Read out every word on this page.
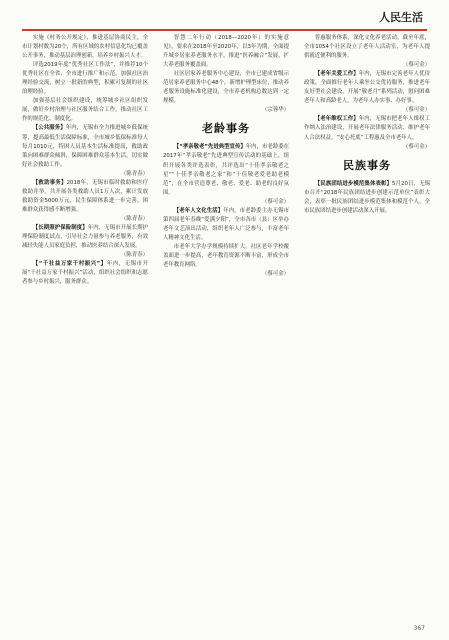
人民生活

实施《村务公开规定》，推进基层协商民主，全市计划村数为20个，所有区域的农村信息化均已覆盖公开事务，推动基层治理创新，培养乡村振兴人才。

评选2019年度“优秀社区工作法”，并推荐10个优秀社区在全省、全市进行推广和示范，加强社区治理经验交流，树立一批新的典型，积累可复制的社区治理经验。

加强基层社会组织建设，统筹城乡社区组织发展，做好乡村治理与社区服务结合工作，推动社区工作的规范化、制度化。

【公共服务】年内，无锡市全力推进城乡低保统筹，提高最低生活保障标准，全市城乡低保标准每人每月1010元，特困人员基本生活标准提高，救助政策向困难群众倾斜，保障困难群众基本生活，切实做好社会救助工作。

（陈青春）

【救助事务】2018年，无锡市临时救助和医疗救助并举，共开展各类救助人员1万人次，累计发放救助资金5000万元，民生保障体系进一步完善，困难群众获得感不断增强。

（陈青春）

【长期照护保险制度】年内，无锡市开展长期护理保险制度试点，引导社会力量参与养老服务，有效减轻失能人员家庭负担，推动医养结合深入发展。

（陈青春）

【“千社益万家千村振兴”】年内，无锡市开展“千社益万家千村振兴”活动，组织社会组织和志愿者参与乡村振兴，服务群众。

智慧二年行动（2018—2020年）的实施意见》，要求在2018年至2020年，以3年为期，全面提升城乡居家养老服务水平，推进“医养融合”发展，扩大养老服务覆盖面。

社区居家养老服务中心建设，全市已建成省级示范居家养老服务中心48个，新增护理型床位，推动养老服务设施标准化建设，全市养老机构总数达到一定规模。

（宗蓉华）

老龄事务

【“孝亲敬老”先进典型宣传】年内，市老龄委在2017年“孝亲敬老”先进典型宣传活动的基础上，组织开展各类评选表彰，共评选出“十佳孝亲敬老之星”“十佳孝亲敬老之家”和“十佳敬老爱老助老模范”，在全市营造尊老、敬老、爱老、助老的良好氛围。

（蔡可金）

【老年人文化生活】年内，市老龄委主办无锡市第四届老年春晚“爱满夕阳”，全市各市（县）区举办老年文艺演出活动，组织老年人广泛参与，丰富老年人精神文化生活。

市老年大学办学规模持续扩大，社区老年学校覆盖面进一步提高，老年教育资源不断丰富，形成全市老年教育网络。

（蔡可金）

普惠服务体系，深化文化养老活动，截至年底，全市1054个社区设立了老年人活动室，为老年人提供就近便利的服务。

（蔡可金）

【老年关爱工作】年内，无锡市完善老年人优待政策，全面推行老年人乘坐公交优待服务，推进老年友好型社会建设，开展“敬老月”系列活动，慰问困难老年人和高龄老人，为老年人办实事、办好事。

（蔡可金）

【老年维权工作】年内，无锡市把老年人维权工作纳入法治建设，开展老年法律服务活动，维护老年人合法权益，“安心托底”工程惠及全市老年人。

（蔡可金）

民族事务

【民族团结进步模范集体表彰】5月20日，无锡市召开“2018年民族团结进步创建示范单位”表彰大会，表彰一批民族团结进步模范集体和模范个人，全市民族团结进步创建活动深入开展。

367
